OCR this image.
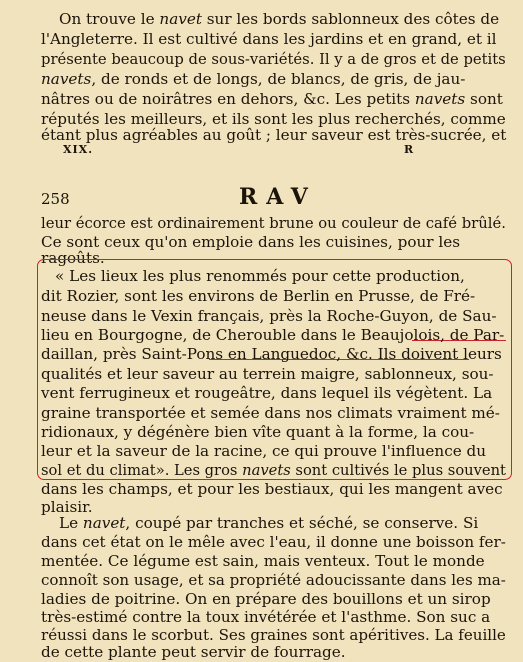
On trouve le navet sur les bords sablonneux des côtes de
l'Angleterre. Il est cultivé dans les jardins et en grand, et il
présente beaucoup de sous-variétés. Il y a de gros et de petits
navets, de ronds et de longs, de blancs, de gris, de jau-
nâtres ou de noirâtres en dehors, &c. Les petits navets sont
réputés les meilleurs, et ils sont les plus recherchés, comme
étant plus agréables au goût ; leur saveur est très-sucrée, et
XIX.	R
258	RAV
leur écorce est ordinairement brune ou couleur de café brûlé.
Ce sont ceux qu'on emploie dans les cuisines, pour les
ragoûts.
« Les lieux les plus renommés pour cette production,
dit Rozier, sont les environs de Berlin en Prusse, de Fré-
neuse dans le Vexin français, près la Roche-Guyon, de Sau-
lieu en Bourgogne, de Cherouble dans le Beaujolois, de Par-
daillan, près Saint-Pons en Languedoc, &c. Ils doivent leurs
qualités et leur saveur au terrein maigre, sablonneux, sou-
vent ferrugineux et rougeâtre, dans lequel ils végètent. La
graine transportée et semée dans nos climats vraiment mé-
ridionaux, y dégénère bien vîte quant à la forme, la cou-
leur et la saveur de la racine, ce qui prouve l'influence du
sol et du climat». Les gros navets sont cultivés le plus souvent
dans les champs, et pour les bestiaux, qui les mangent avec
plaisir.
Le navet, coupé par tranches et séché, se conserve. Si
dans cet état on le mêle avec l'eau, il donne une boisson fer-
mentée. Ce légume est sain, mais venteux. Tout le monde
connoît son usage, et sa propriété adoucissante dans les ma-
ladies de poitrine. On en prépare des bouillons et un sirop
très-estimé contre la toux invétérée et l'asthme. Son suc a
réussi dans le scorbut. Ses graines sont apéritives. La feuille
de cette plante peut servir de fourrage.
